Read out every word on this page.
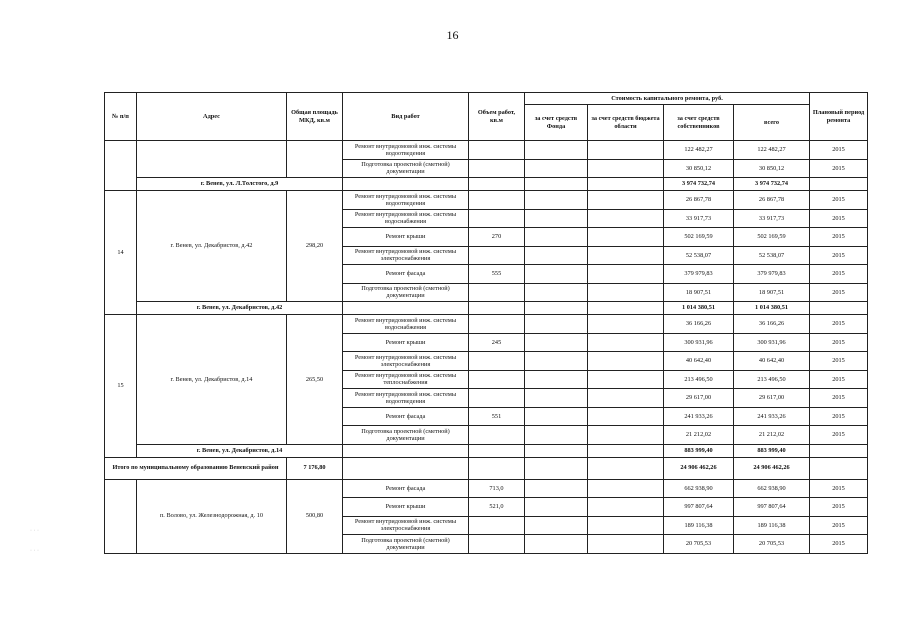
16
№ п/п	Адрес	Общая площадь МКД, кв.м	Вид работ	Объем работ, кв.м	Стоимость капитального ремонта, руб.				Плановый период ремонта
					за счет средств Фонда	за счет средств бюджета области	за счет средств собственников	всего	
			Ремонт внутридомовой инж. системы водоотведения				122 482,27	122 482,27	2015
			Подготовка проектной (сметной) документации				30 850,12	30 850,12	2015
	г. Венев, ул. Л.Толстого, д.9						3 974 732,74	3 974 732,74	
14	г. Венев, ул. Декабристов, д.42	298,20	Ремонт внутридомовой инж. системы водоотведения				26 867,78	26 867,78	2015
			Ремонт внутридомовой инж. системы водоснабжения				33 917,73	33 917,73	2015
			Ремонт крыши	270			502 169,59	502 169,59	2015
			Ремонт внутридомовой инж. системы электроснабжения				52 538,07	52 538,07	2015
			Ремонт фасада	555			379 979,83	379 979,83	2015
			Подготовка проектной (сметной) документации				18 907,51	18 907,51	2015
	г. Венев, ул. Декабристов, д.42						1 014 380,51	1 014 380,51	
15	г. Венев, ул. Декабристов, д.14	265,50	Ремонт внутридомовой инж. системы водоснабжения				36 166,26	36 166,26	2015
			Ремонт крыши	245			300 931,96	300 931,96	2015
			Ремонт внутридомовой инж. системы электроснабжения				40 642,40	40 642,40	2015
			Ремонт внутридомовой инж. системы теплоснабжения				213 496,50	213 496,50	2015
			Ремонт внутридомовой инж. системы водоотведения				29 617,00	29 617,00	2015
			Ремонт фасада	551			241 933,26	241 933,26	2015
			Подготовка проектной (сметной) документации				21 212,02	21 212,02	2015
	г. Венев, ул. Декабристов, д.14						883 999,40	883 999,40	
Итого по муниципальному образованию Веневский район		7 176,80					24 906 462,26	24 906 462,26	
	п. Волово, ул. Железнодорожная, д. 10	500,80	Ремонт фасада	713,0			662 938,90	662 938,90	2015
			Ремонт крыши	521,0			997 807,64	997 807,64	2015
			Ремонт внутридомовой инж. системы электроснабжения				189 116,38	189 116,38	2015
			Подготовка проектной (сметной) документации				20 705,53	20 705,53	2015
· · ·
· · ·
